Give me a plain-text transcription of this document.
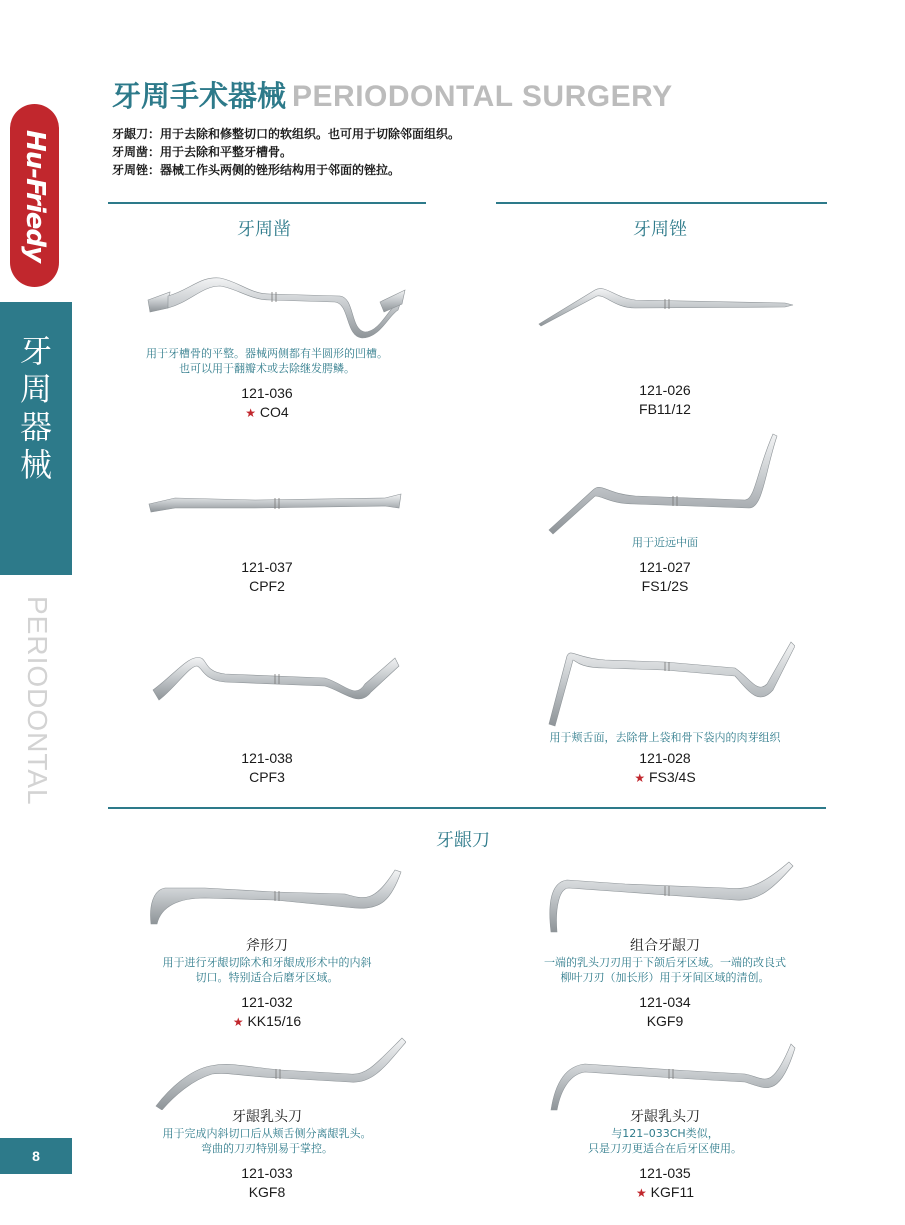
Hu-Friedy
牙周器械
PERIODONTAL
8
牙周手术器械 PERIODONTAL SURGERY
牙龈刀：用于去除和修整切口的软组织。也可用于切除邻面组织。
牙周凿：用于去除和平整牙槽骨。
牙周锉：器械工作头两侧的锉形结构用于邻面的锉拉。
牙周凿	牙周锉
牙龈刀
用于牙槽骨的平整。器械两侧都有半圆形的凹槽。
也可以用于翻瓣术或去除继发腭鳞。
121-036
★ CO4
121-026
FB11/12
121-037
CPF2
用于近远中面
121-027
FS1/2S
121-038
CPF3
用于颊舌面，去除骨上袋和骨下袋内的肉芽组织
121-028
★ FS3/4S
斧形刀
用于进行牙龈切除术和牙龈成形术中的内斜
切口。特别适合后磨牙区域。
121-032
★ KK15/16
组合牙龈刀
一端的乳头刀刃用于下颌后牙区域。一端的改良式
柳叶刀刃（加长形）用于牙间区域的清创。
121-034
KGF9
牙龈乳头刀
用于完成内斜切口后从颊舌侧分离龈乳头。
弯曲的刀刃特别易于掌控。
121-033
KGF8
牙龈乳头刀
与121–033CH类似，
只是刀刃更适合在后牙区使用。
121-035
★ KGF11
